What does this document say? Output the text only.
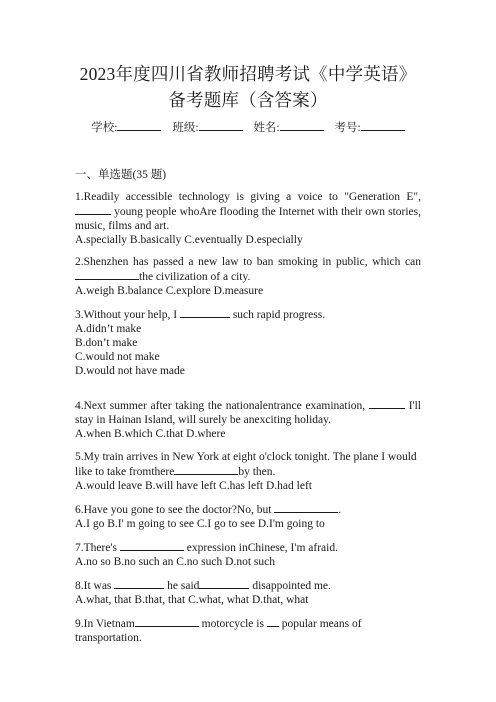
2023年度四川省教师招聘考试《中学英语》
备考题库（含答案）
学校:	班级:	姓名:	考号:
一、单选题(35 题)

1.Readily accessible technology is giving a voice to "Generation E",  young people whoAre flooding the Internet with their own stories, music, films and art.

A.specially B.basically C.eventually D.especially

2.Shenzhen has passed a new law to ban smoking in public, which can the civilization of a city.

A.weigh B.balance C.explore D.measure

3.Without your help, I	such rapid progress.

A.didn’t make

B.don’t make

C.would not make

D.would not have made

4.Next summer after taking the nationalentrance examination,	I'll stay in Hainan Island, will surely be anexciting holiday.

A.when B.which C.that D.where

5.My train arrives in New York at eight o'clock tonight. The plane I would like to take fromthere	by then.

A.would leave B.will have left C.has left D.had left

6.Have you gone to see the doctor?No, but	.

A.I go B.I' m going to see C.I go to see D.I'm going to

7.There's	expression inChinese, I'm afraid.

A.no so B.no such an C.no such D.not such

8.It was	he said	disappointed me.

A.what, that B.that, that C.what, what D.that, what

9.In Vietnam	motorcycle is popular means of transportation.
